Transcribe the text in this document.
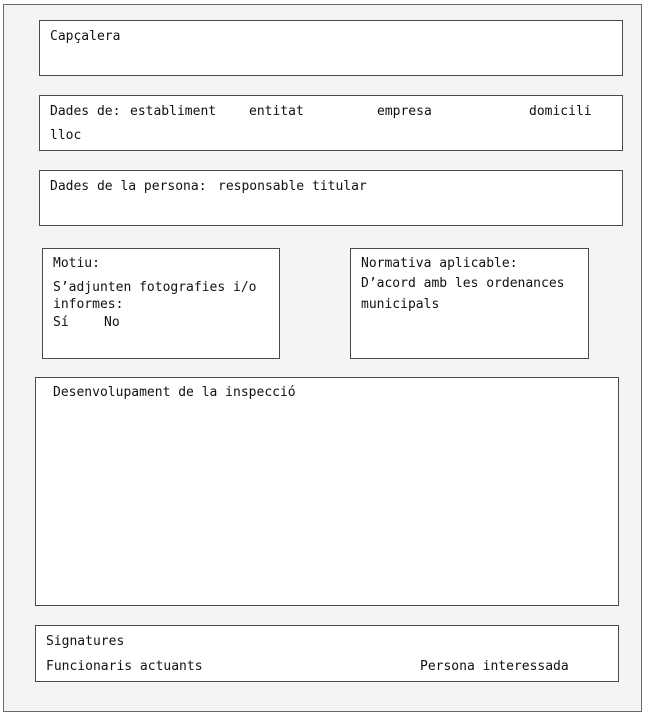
Capçalera
Dades de: establiment	entitat	empresa	domicili
lloc
Dades de la persona: responsable titular
Motiu:
S’adjunten fotografies i/o informes:
Sí	No
Normativa aplicable:
D’acord amb les ordenances municipals
Desenvolupament de la inspecció
Signatures
Funcionaris actuants	Persona interessada
